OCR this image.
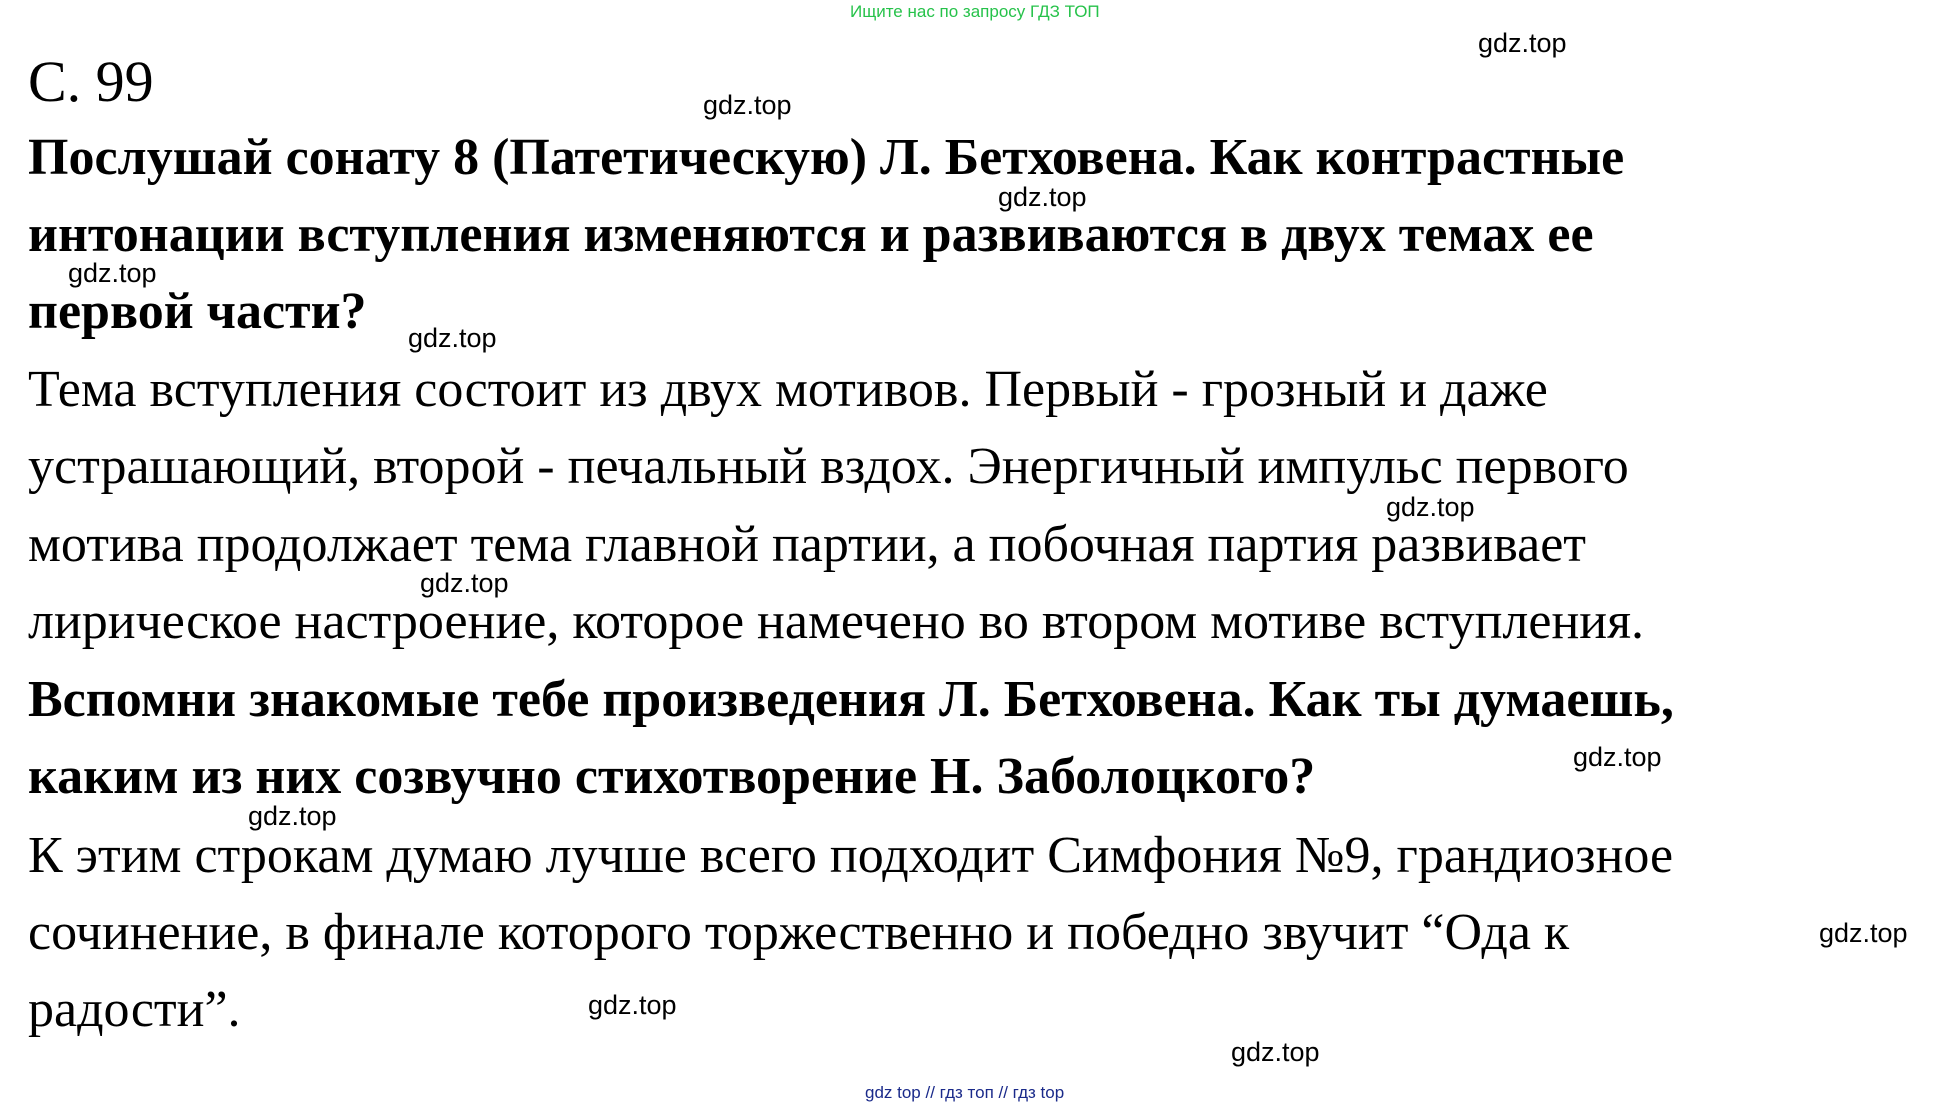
Ищите нас по запросу ГДЗ ТОП
С. 99
Послушай сонату 8 (Патетическую) Л. Бетховена. Как контрастные
интонации вступления изменяются и развиваются в двух темах ее
первой части?
Тема вступления состоит из двух мотивов. Первый - грозный и даже
устрашающий, второй - печальный вздох. Энергичный импульс первого
мотива продолжает тема главной партии, а побочная партия развивает
лирическое настроение, которое намечено во втором мотиве вступления.
Вспомни знакомые тебе произведения Л. Бетховена. Как ты думаешь,
каким из них созвучно стихотворение Н. Заболоцкого?
К этим строкам думаю лучше всего подходит Симфония №9, грандиозное
сочинение, в финале которого торжественно и победно звучит “Ода к
радости”.
gdz.top
gdz.top
gdz.top
gdz.top
gdz.top
gdz.top
gdz.top
gdz.top
gdz.top
gdz.top
gdz.top
gdz.top
gdz top // гдз топ // гдз top
